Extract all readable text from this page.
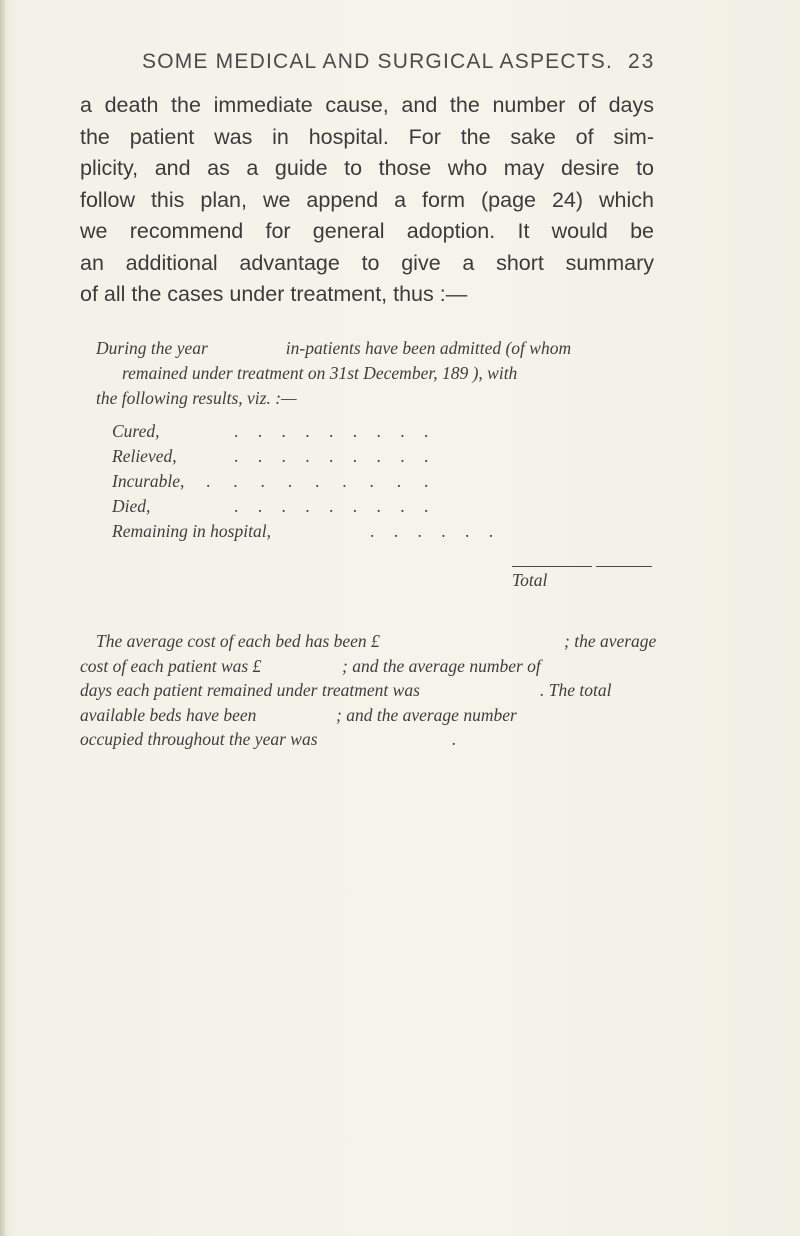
SOME MEDICAL AND SURGICAL ASPECTS. 23
a death the immediate cause, and the number of days
the patient was in hospital. For the sake of sim-
plicity, and as a guide to those who may desire to
follow this plan, we append a form (page 24) which
we recommend for general adoption. It would be
an additional advantage to give a short summary
of all the cases under treatment, thus :—
During the year	in-patients have been admitted (of whom
remained under treatment on 31st December, 189 ), with
the following results, viz. :—
Cured,	. . . . . . . . .
Relieved,	. . . . . . . . .
Incurable, . . . . . . . . .
Died,	. . . . . . . . .
Remaining in hospital,	. . . . . .
Total
The average cost of each bed has been £	; the average
cost of each patient was £	; and the average number of
days each patient remained under treatment was	. The total
available beds have been	; and the average number
occupied throughout the year was	.
